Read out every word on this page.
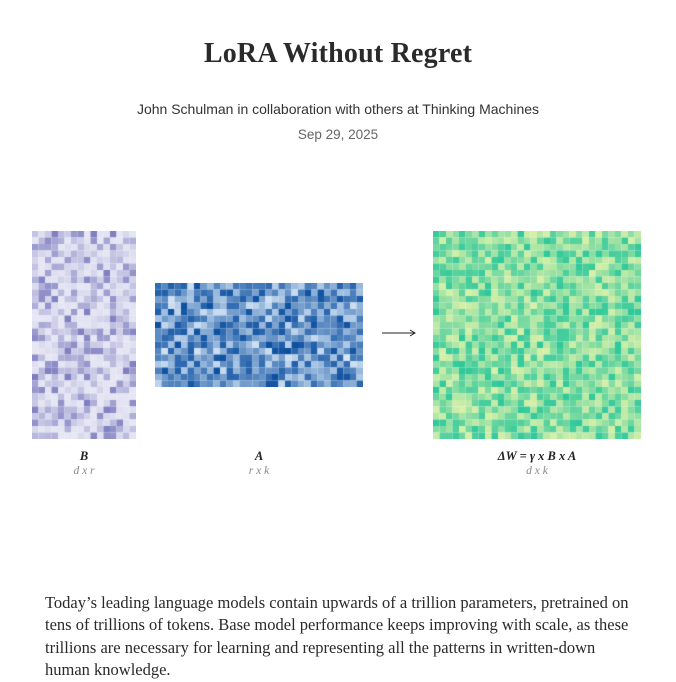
LoRA Without Regret
John Schulman in collaboration with others at Thinking Machines
Sep 29, 2025
B
d x r
A
r x k
ΔW = γ x B x A
d x k

Today’s leading language models contain upwards of a trillion parameters, pretrained on tens of trillions of tokens. Base model performance keeps improving with scale, as these trillions are necessary for learning and representing all the patterns in written-down human knowledge.
